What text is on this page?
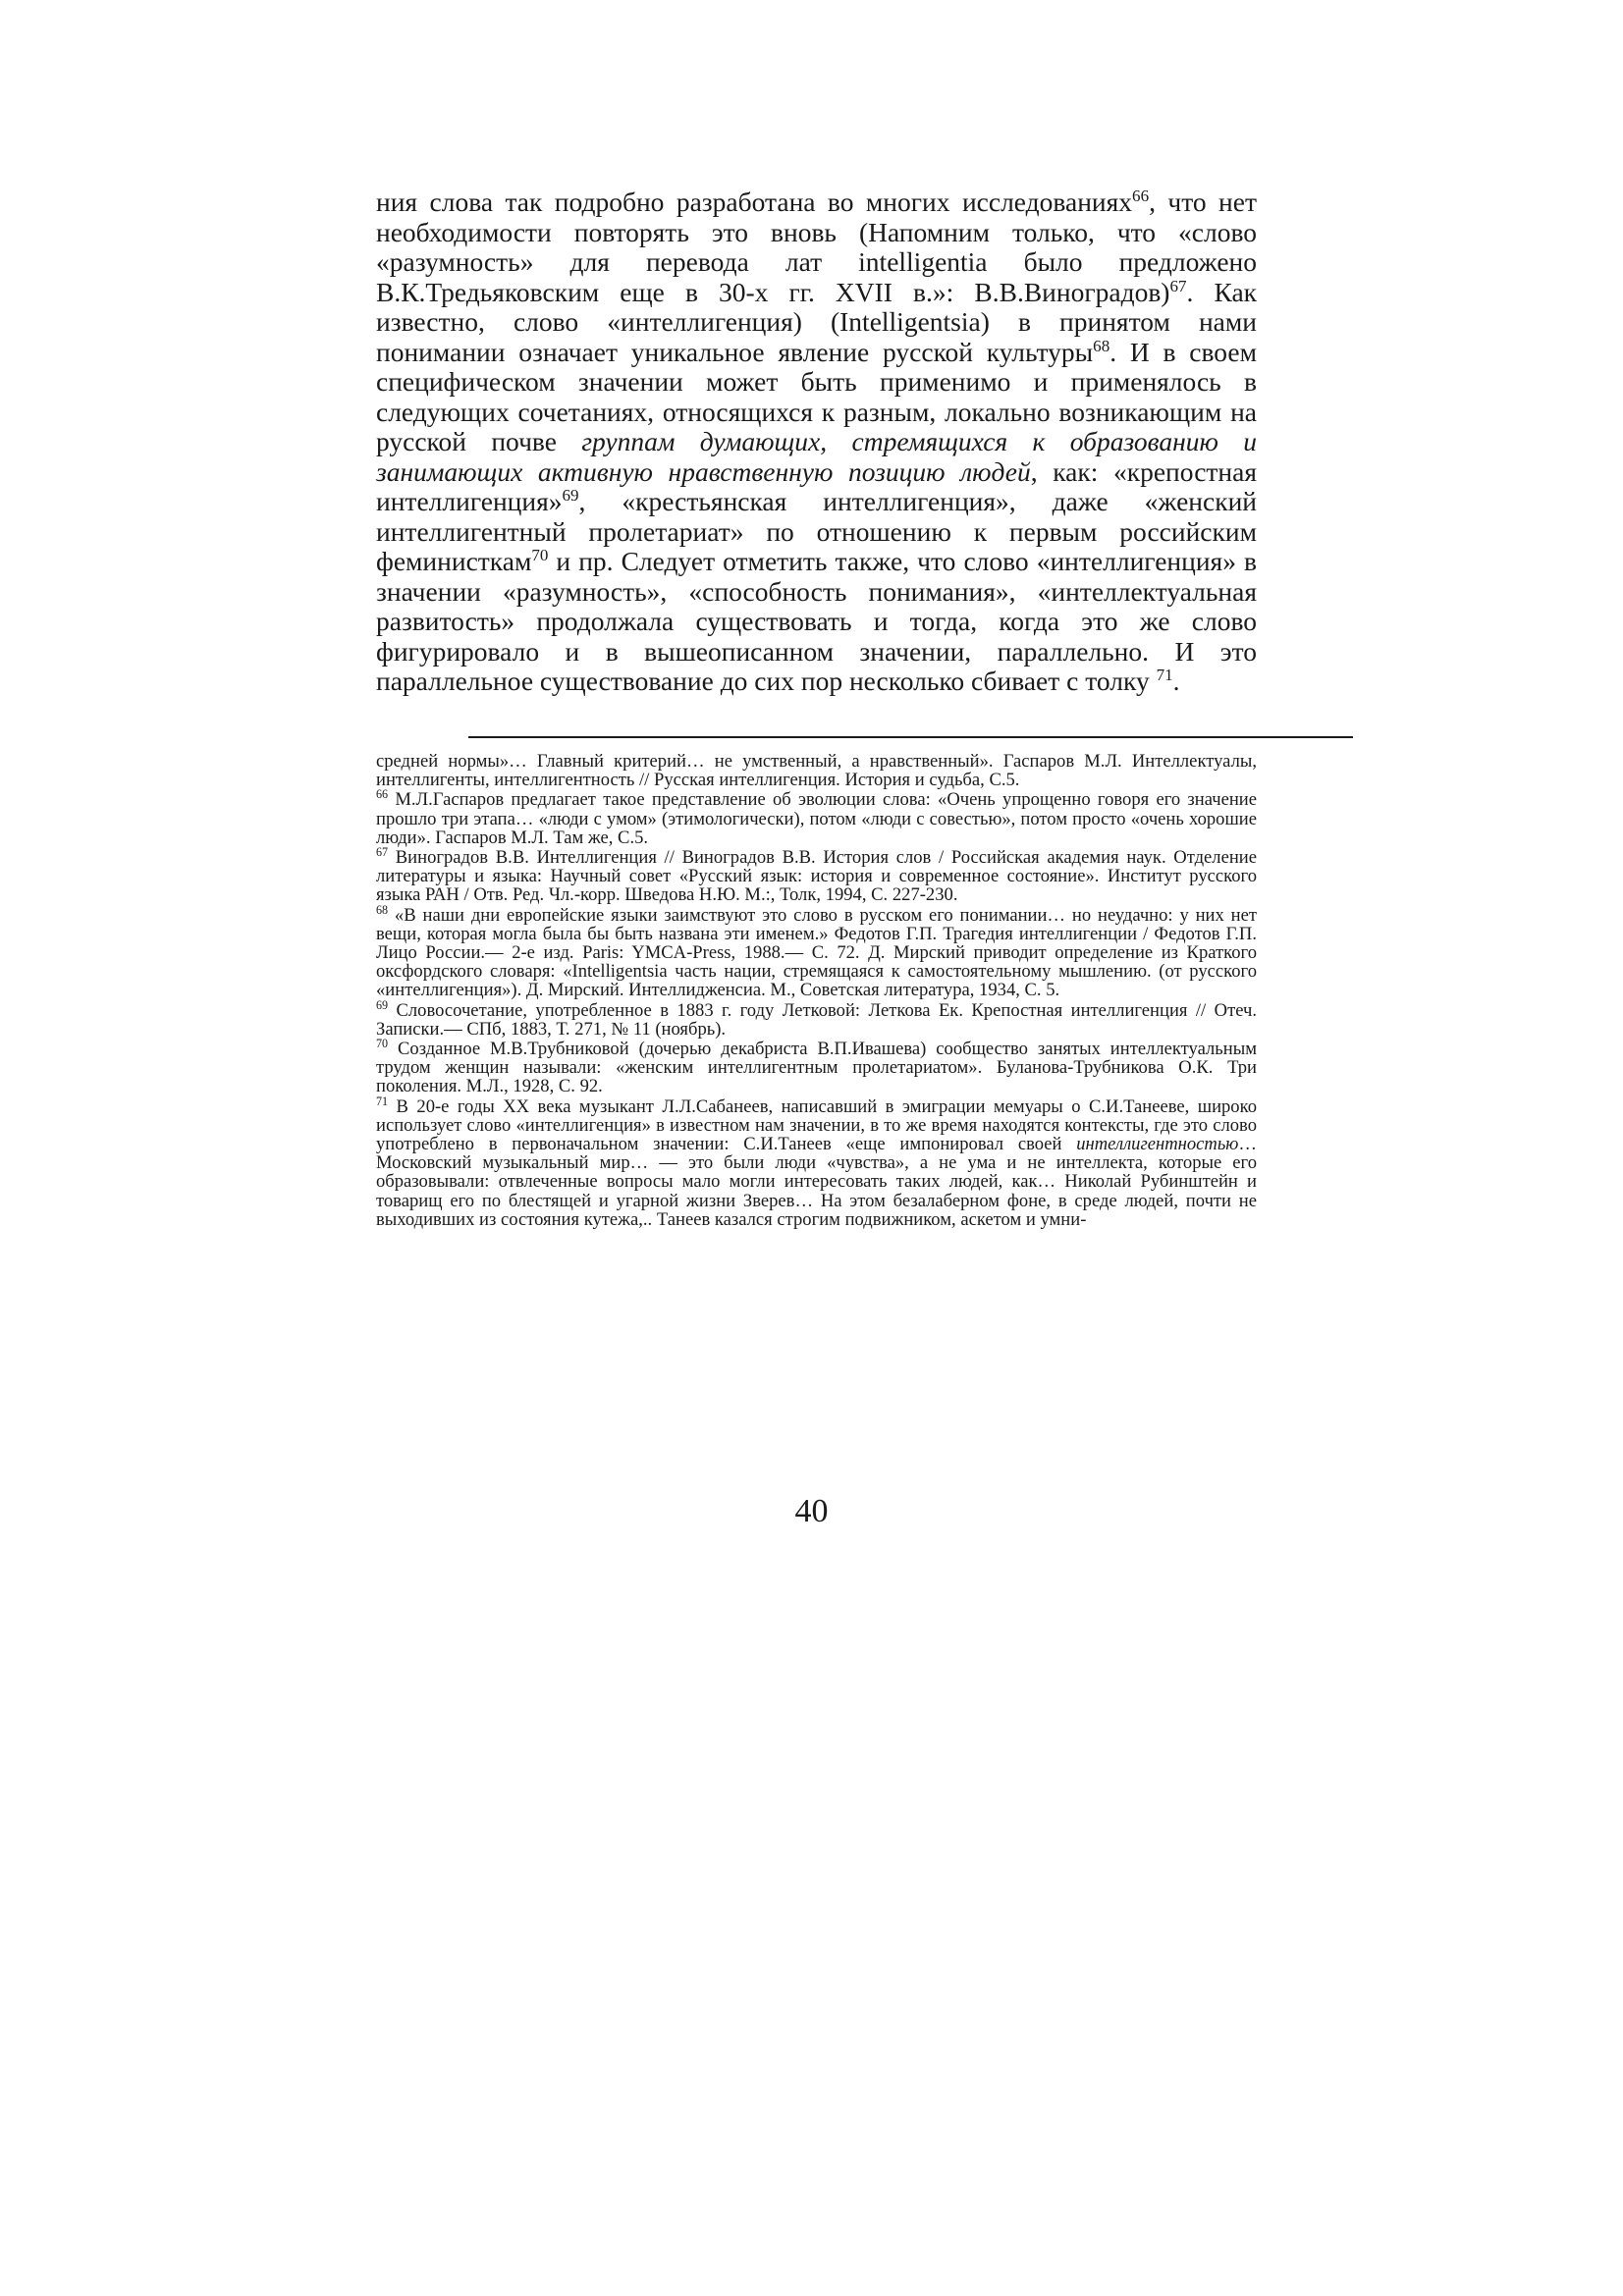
ния слова так подробно разработана во многих исследованиях$^{66}$, что нет необходимости повторять это вновь (Напомним только, что «слово «разумность» для перевода лат intelligentia было предложено В.К.Тредьяковским еще в 30-х гг. XVII в.»: В.В.Виноградов)$^{67}$. Как известно, слово «интеллигенция) (Intelligentsia) в принятом нами понимании означает уникальное явление русской культуры$^{68}$. И в своем специфическом значении может быть применимо и применялось в следующих сочетаниях, относящихся к разным, локально возникающим на русской почве группам думающих, стремящихся к образованию и занимающих активную нравственную позицию людей, как: «крепостная интеллигенция»$^{69}$, «крестьянская интеллигенция», даже «женский интеллигентный пролетариат» по отношению к первым российским феминисткам$^{70}$ и пр. Следует отметить также, что слово «интеллигенция» в значении «разумность», «способность понимания», «интеллектуальная развитость» продолжала существовать и тогда, когда это же слово фигурировало и в вышеописанном значении, параллельно. И это параллельное существование до сих пор несколько сбивает с толку $^{71}$.

средней нормы»… Главный критерий… не умственный, а нравственный». Гаспаров М.Л. Интеллектуалы, интеллигенты, интеллигентность // Русская интеллигенция. История и судьба, С.5.

$^{66}$ М.Л.Гаспаров предлагает такое представление об эволюции слова: «Очень упрощенно говоря его значение прошло три этапа… «люди с умом» (этимологически), потом «люди с совестью», потом просто «очень хорошие люди». Гаспаров М.Л. Там же, С.5.

$^{67}$ Виноградов В.В. Интеллигенция // Виноградов В.В. История слов / Российская академия наук. Отделение литературы и языка: Научный совет «Русский язык: история и современное состояние». Институт русского языка РАН / Отв. Ред. Чл.-корр. Шведова Н.Ю. М.:, Толк, 1994, С. 227-230.

$^{68}$ «В наши дни европейские языки заимствуют это слово в русском его понимании… но неудачно: у них нет вещи, которая могла была бы быть названа эти именем.» Федотов Г.П. Трагедия интеллигенции / Федотов Г.П. Лицо России.— 2-е изд. Paris: YMCA-Press, 1988.— С. 72. Д. Мирский приводит определение из Краткого оксфордского словаря: «Intelligentsia часть нации, стремящаяся к самостоятельному мышлению. (от русского «интеллигенция»). Д. Мирский. Интеллидженсиа. М., Советская литература, 1934, С. 5.

$^{69}$ Словосочетание, употребленное в 1883 г. году Летковой: Леткова Ек. Крепостная интеллигенция // Отеч. Записки.— СПб, 1883, Т. 271, № 11 (ноябрь).

$^{70}$ Созданное М.В.Трубниковой (дочерью декабриста В.П.Ивашева) сообщество занятых интеллектуальным трудом женщин называли: «женским интеллигентным пролетариатом». Буланова-Трубникова О.К. Три поколения. М.Л., 1928, С. 92.

$^{71}$ В 20-е годы XX века музыкант Л.Л.Сабанеев, написавший в эмиграции мемуары о С.И.Танееве, широко использует слово «интеллигенция» в известном нам значении, в то же время находятся контексты, где это слово употреблено в первоначальном значении: С.И.Танеев «еще импонировал своей интеллигентностью… Московский музыкальный мир… — это были люди «чувства», а не ума и не интеллекта, которые его образовывали: отвлеченные вопросы мало могли интересовать таких людей, как… Николай Рубинштейн и товарищ его по блестящей и угарной жизни Зверев… На этом безалаберном фоне, в среде людей, почти не выходивших из состояния кутежа,.. Танеев казался строгим подвижником, аскетом и умни-

40
